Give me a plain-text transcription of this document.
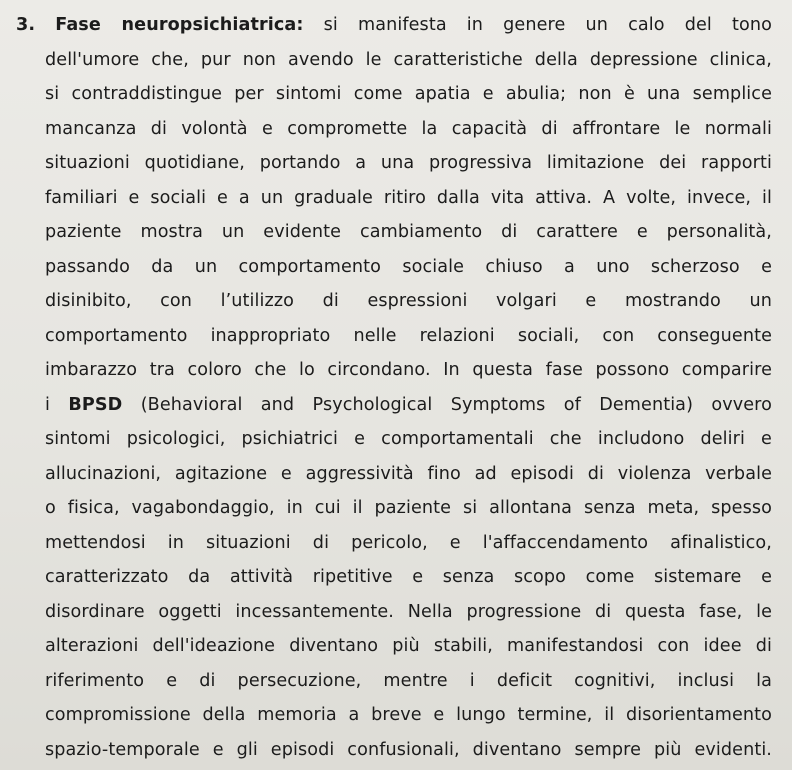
3. Fase neuropsichiatrica: si manifesta in genere un calo del tono
dell'umore che, pur non avendo le caratteristiche della depressione clinica,
si contraddistingue per sintomi come apatia e abulia; non è una semplice
mancanza di volontà e compromette la capacità di affrontare le normali
situazioni quotidiane, portando a una progressiva limitazione dei rapporti
familiari e sociali e a un graduale ritiro dalla vita attiva. A volte, invece, il
paziente mostra un evidente cambiamento di carattere e personalità,
passando da un comportamento sociale chiuso a uno scherzoso e
disinibito, con l’utilizzo di espressioni volgari e mostrando un
comportamento inappropriato nelle relazioni sociali, con conseguente
imbarazzo tra coloro che lo circondano. In questa fase possono comparire
i BPSD (Behavioral and Psychological Symptoms of Dementia) ovvero
sintomi psicologici, psichiatrici e comportamentali che includono deliri e
allucinazioni, agitazione e aggressività fino ad episodi di violenza verbale
o fisica, vagabondaggio, in cui il paziente si allontana senza meta, spesso
mettendosi in situazioni di pericolo, e l'affaccendamento afinalistico,
caratterizzato da attività ripetitive e senza scopo come sistemare e
disordinare oggetti incessantemente. Nella progressione di questa fase, le
alterazioni dell'ideazione diventano più stabili, manifestandosi con idee di
riferimento e di persecuzione, mentre i deficit cognitivi, inclusi la
compromissione della memoria a breve e lungo termine, il disorientamento
spazio-temporale e gli episodi confusionali, diventano sempre più evidenti.
